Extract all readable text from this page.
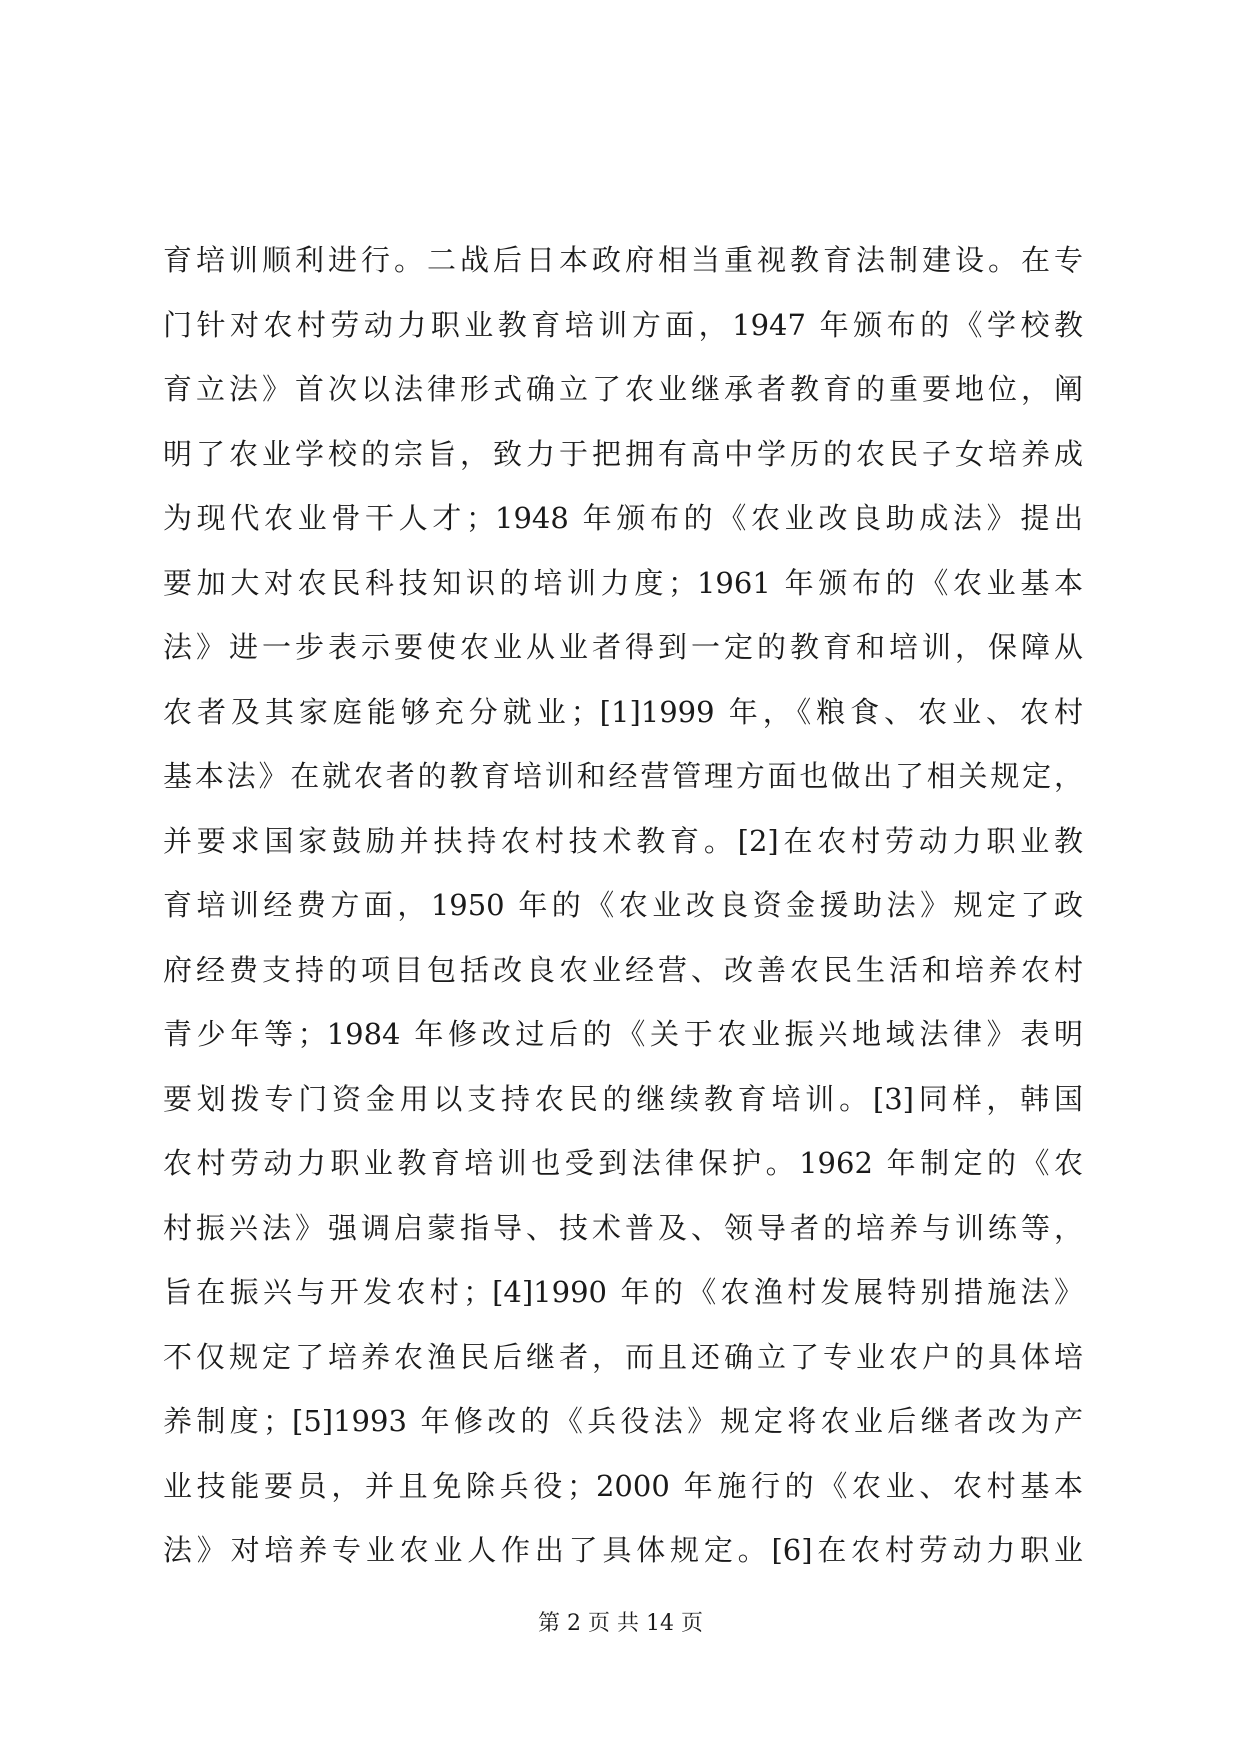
育培训顺利进行。二战后日本政府相当重视教育法制建设。在专
门针对农村劳动力职业教育培训方面，1947 年颁布的《学校教
育立法》首次以法律形式确立了农业继承者教育的重要地位，阐
明了农业学校的宗旨，致力于把拥有高中学历的农民子女培养成
为现代农业骨干人才；1948 年颁布的《农业改良助成法》提出
要加大对农民科技知识的培训力度；1961 年颁布的《农业基本
法》进一步表示要使农业从业者得到一定的教育和培训，保障从
农者及其家庭能够充分就业；[1]1999 年，《粮食、农业、农村
基本法》在就农者的教育培训和经营管理方面也做出了相关规定，
并要求国家鼓励并扶持农村技术教育。[2]在农村劳动力职业教
育培训经费方面，1950 年的《农业改良资金援助法》规定了政
府经费支持的项目包括改良农业经营、改善农民生活和培养农村
青少年等；1984 年修改过后的《关于农业振兴地域法律》表明
要划拨专门资金用以支持农民的继续教育培训。[3]同样，韩国
农村劳动力职业教育培训也受到法律保护。1962 年制定的《农
村振兴法》强调启蒙指导、技术普及、领导者的培养与训练等，
旨在振兴与开发农村；[4]1990 年的《农渔村发展特别措施法》
不仅规定了培养农渔民后继者，而且还确立了专业农户的具体培
养制度；[5]1993 年修改的《兵役法》规定将农业后继者改为产
业技能要员，并且免除兵役；2000 年施行的《农业、农村基本
法》对培养专业农业人作出了具体规定。[6]在农村劳动力职业
第 2 页 共 14 页
